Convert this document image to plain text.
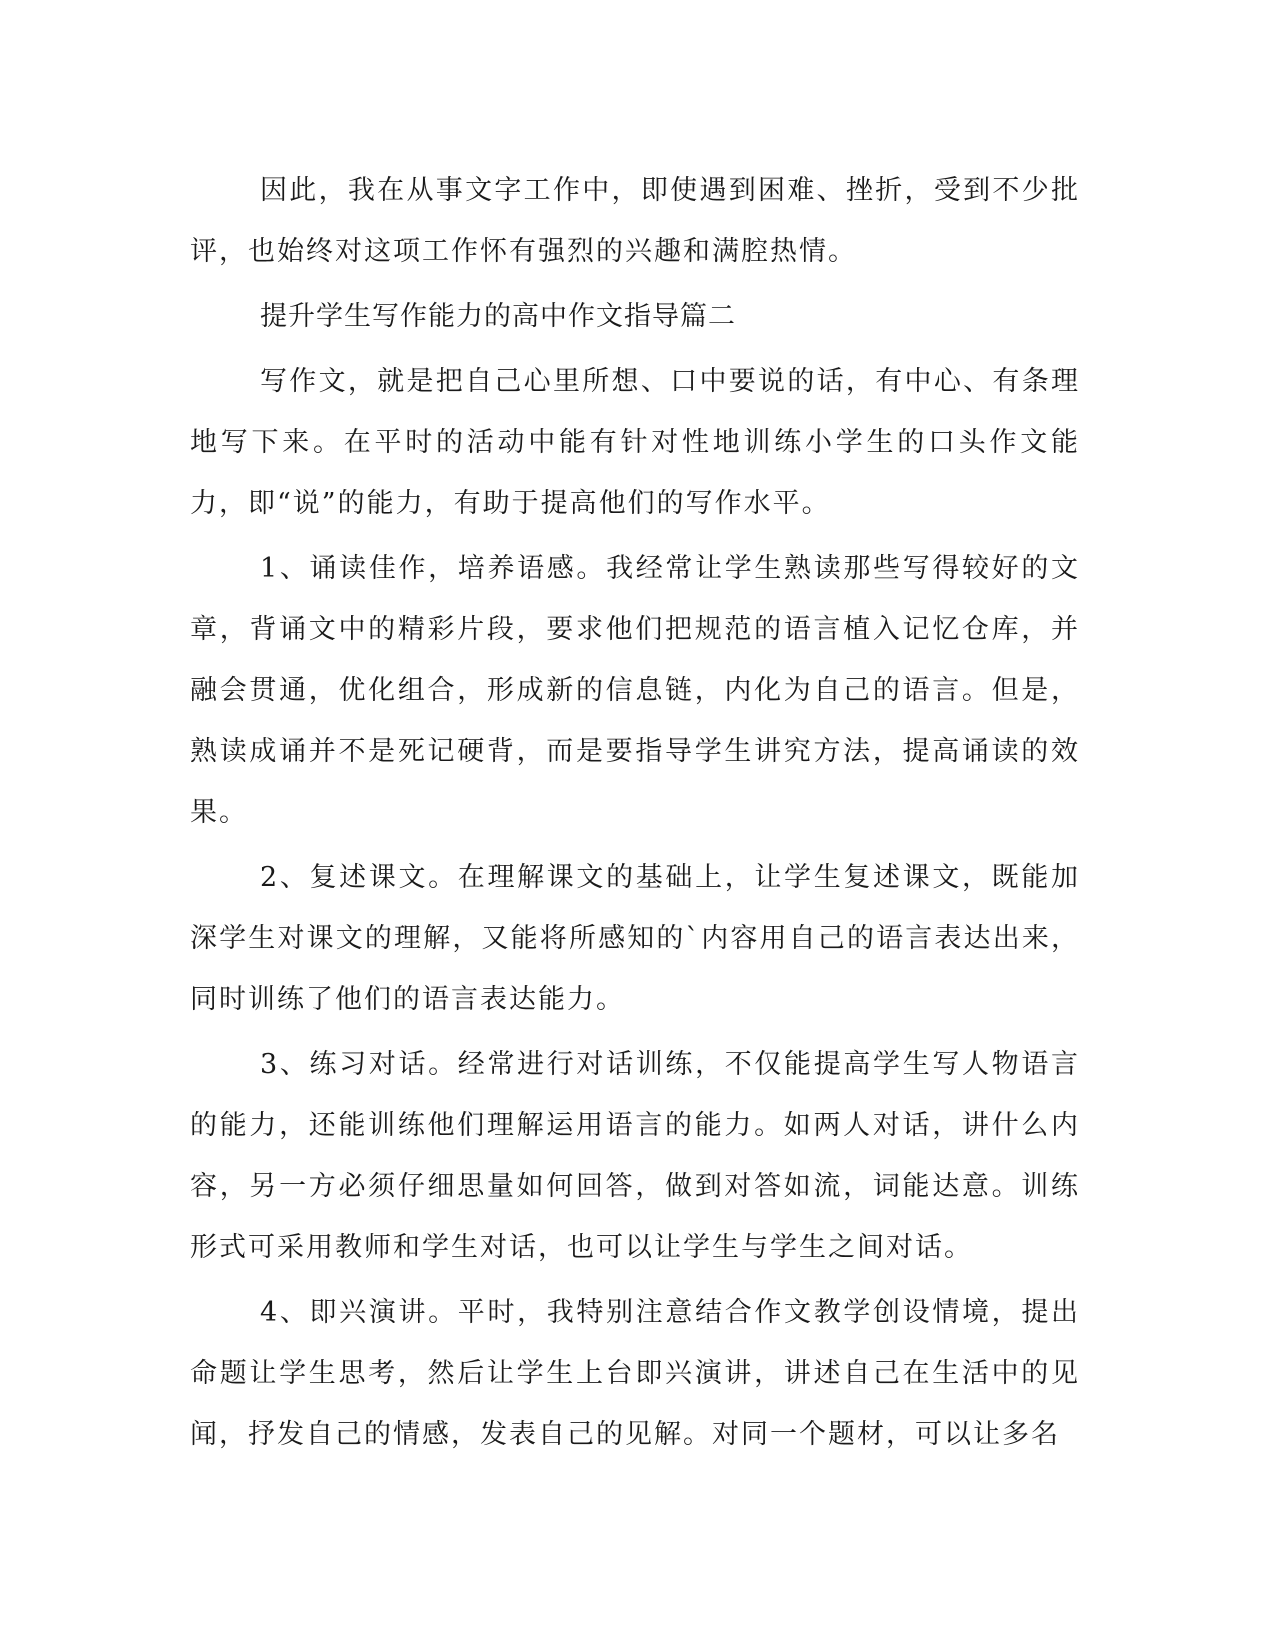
因此，我在从事文字工作中，即使遇到困难、挫折，受到不少批评，也始终对这项工作怀有强烈的兴趣和满腔热情。

提升学生写作能力的高中作文指导篇二

写作文，就是把自己心里所想、口中要说的话，有中心、有条理地写下来。在平时的活动中能有针对性地训练小学生的口头作文能力，即“说”的能力，有助于提高他们的写作水平。

1、诵读佳作，培养语感。我经常让学生熟读那些写得较好的文章，背诵文中的精彩片段，要求他们把规范的语言植入记忆仓库，并融会贯通，优化组合，形成新的信息链，内化为自己的语言。但是，熟读成诵并不是死记硬背，而是要指导学生讲究方法，提高诵读的效果。

2、复述课文。在理解课文的基础上，让学生复述课文，既能加深学生对课文的理解，又能将所感知的`内容用自己的语言表达出来，同时训练了他们的语言表达能力。

3、练习对话。经常进行对话训练，不仅能提高学生写人物语言的能力，还能训练他们理解运用语言的能力。如两人对话，讲什么内容，另一方必须仔细思量如何回答，做到对答如流，词能达意。训练形式可采用教师和学生对话，也可以让学生与学生之间对话。

4、即兴演讲。平时，我特别注意结合作文教学创设情境，提出命题让学生思考，然后让学生上台即兴演讲，讲述自己在生活中的见闻，抒发自己的情感，发表自己的见解。对同一个题材，可以让多名
